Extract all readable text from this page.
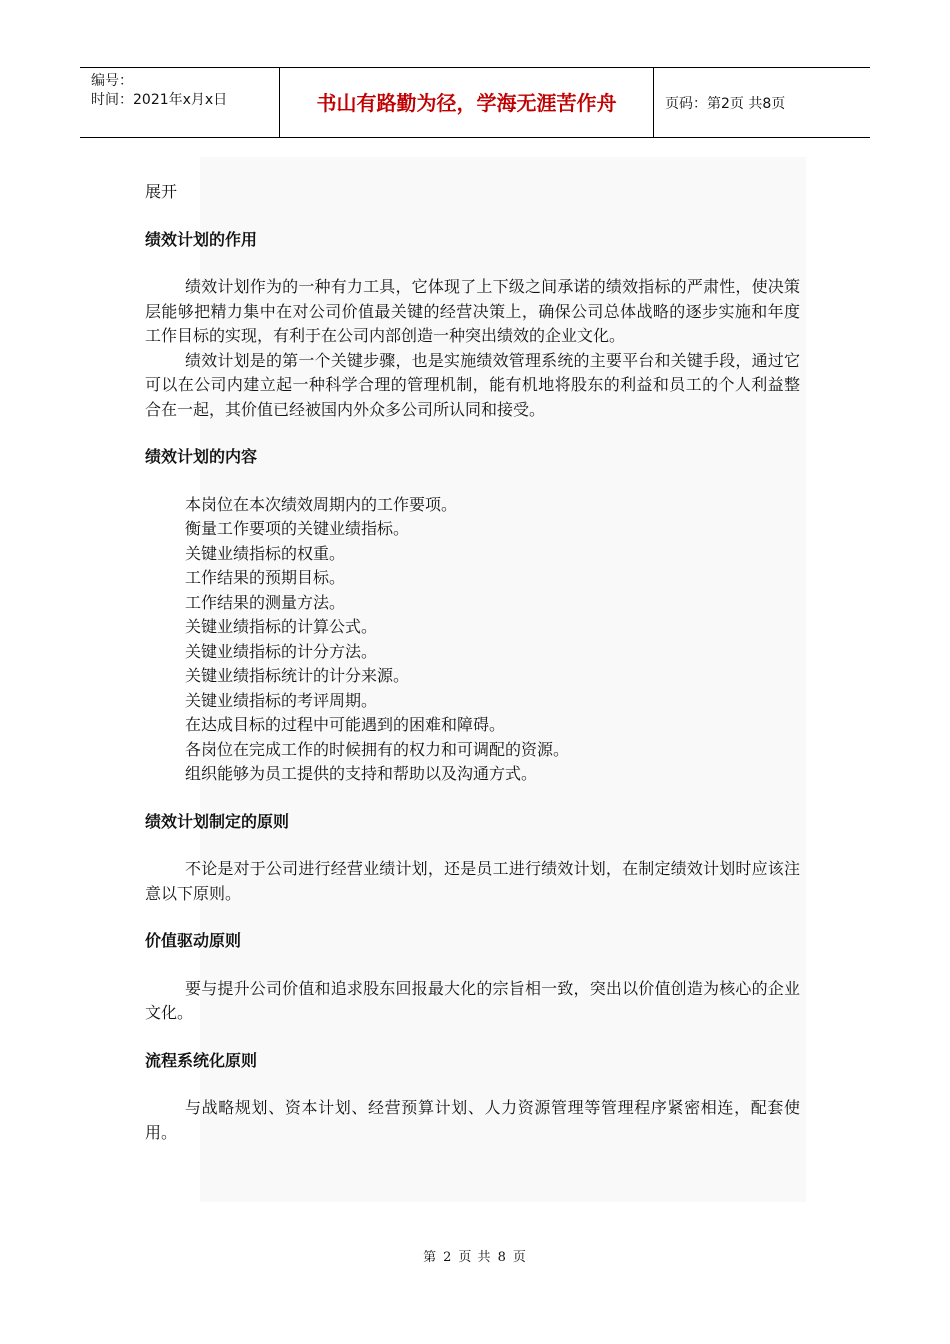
编号：
时间：2021年x月x日	书山有路勤为径，学海无涯苦作舟	页码：第2页 共8页

展开

绩效计划的作用

绩效计划作为的一种有力工具，它体现了上下级之间承诺的绩效指标的严肃性，使决策层能够把精力集中在对公司价值最关键的经营决策上，确保公司总体战略的逐步实施和年度工作目标的实现，有利于在公司内部创造一种突出绩效的企业文化。

绩效计划是的第一个关键步骤，也是实施绩效管理系统的主要平台和关键手段，通过它可以在公司内建立起一种科学合理的管理机制，能有机地将股东的利益和员工的个人利益整合在一起，其价值已经被国内外众多公司所认同和接受。

绩效计划的内容

本岗位在本次绩效周期内的工作要项。

衡量工作要项的关键业绩指标。

关键业绩指标的权重。

工作结果的预期目标。

工作结果的测量方法。

关键业绩指标的计算公式。

关键业绩指标的计分方法。

关键业绩指标统计的计分来源。

关键业绩指标的考评周期。

在达成目标的过程中可能遇到的困难和障碍。

各岗位在完成工作的时候拥有的权力和可调配的资源。

组织能够为员工提供的支持和帮助以及沟通方式。

绩效计划制定的原则

不论是对于公司进行经营业绩计划，还是员工进行绩效计划，在制定绩效计划时应该注意以下原则。

价值驱动原则

要与提升公司价值和追求股东回报最大化的宗旨相一致，突出以价值创造为核心的企业文化。

流程系统化原则

与战略规划、资本计划、经营预算计划、人力资源管理等管理程序紧密相连，配套使用。

第 2 页 共 8 页
